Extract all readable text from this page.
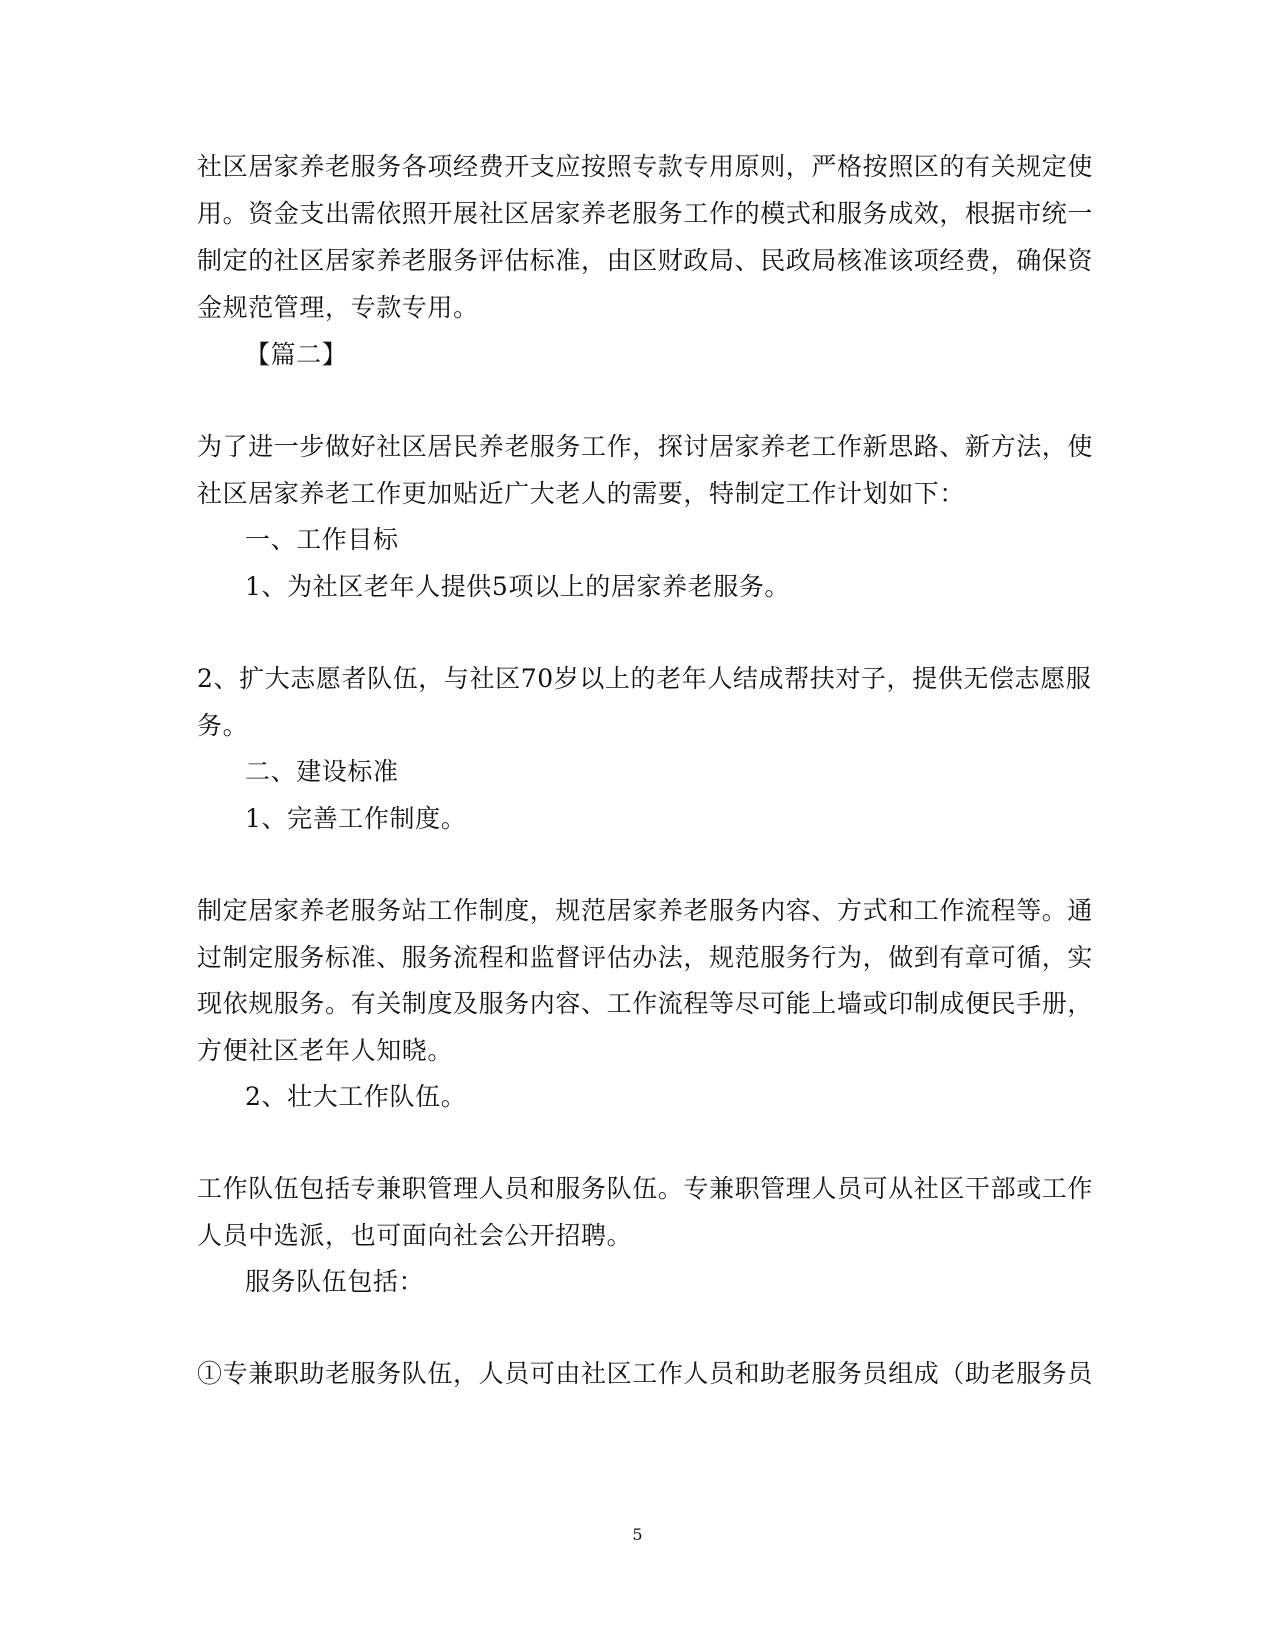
社区居家养老服务各项经费开支应按照专款专用原则，严格按照区的有关规定使
用。资金支出需依照开展社区居家养老服务工作的模式和服务成效，根据市统一
制定的社区居家养老服务评估标准，由区财政局、民政局核准该项经费，确保资
金规范管理，专款专用。
【篇二】
为了进一步做好社区居民养老服务工作，探讨居家养老工作新思路、新方法，使
社区居家养老工作更加贴近广大老人的需要，特制定工作计划如下：
一、工作目标
1、为社区老年人提供5项以上的居家养老服务。
2、扩大志愿者队伍，与社区70岁以上的老年人结成帮扶对子，提供无偿志愿服
务。
二、建设标准
1、完善工作制度。
制定居家养老服务站工作制度，规范居家养老服务内容、方式和工作流程等。通
过制定服务标准、服务流程和监督评估办法，规范服务行为，做到有章可循，实
现依规服务。有关制度及服务内容、工作流程等尽可能上墙或印制成便民手册，
方便社区老年人知晓。
2、壮大工作队伍。
工作队伍包括专兼职管理人员和服务队伍。专兼职管理人员可从社区干部或工作
人员中选派，也可面向社会公开招聘。
服务队伍包括：
①专兼职助老服务队伍，人员可由社区工作人员和助老服务员组成（助老服务员
5
